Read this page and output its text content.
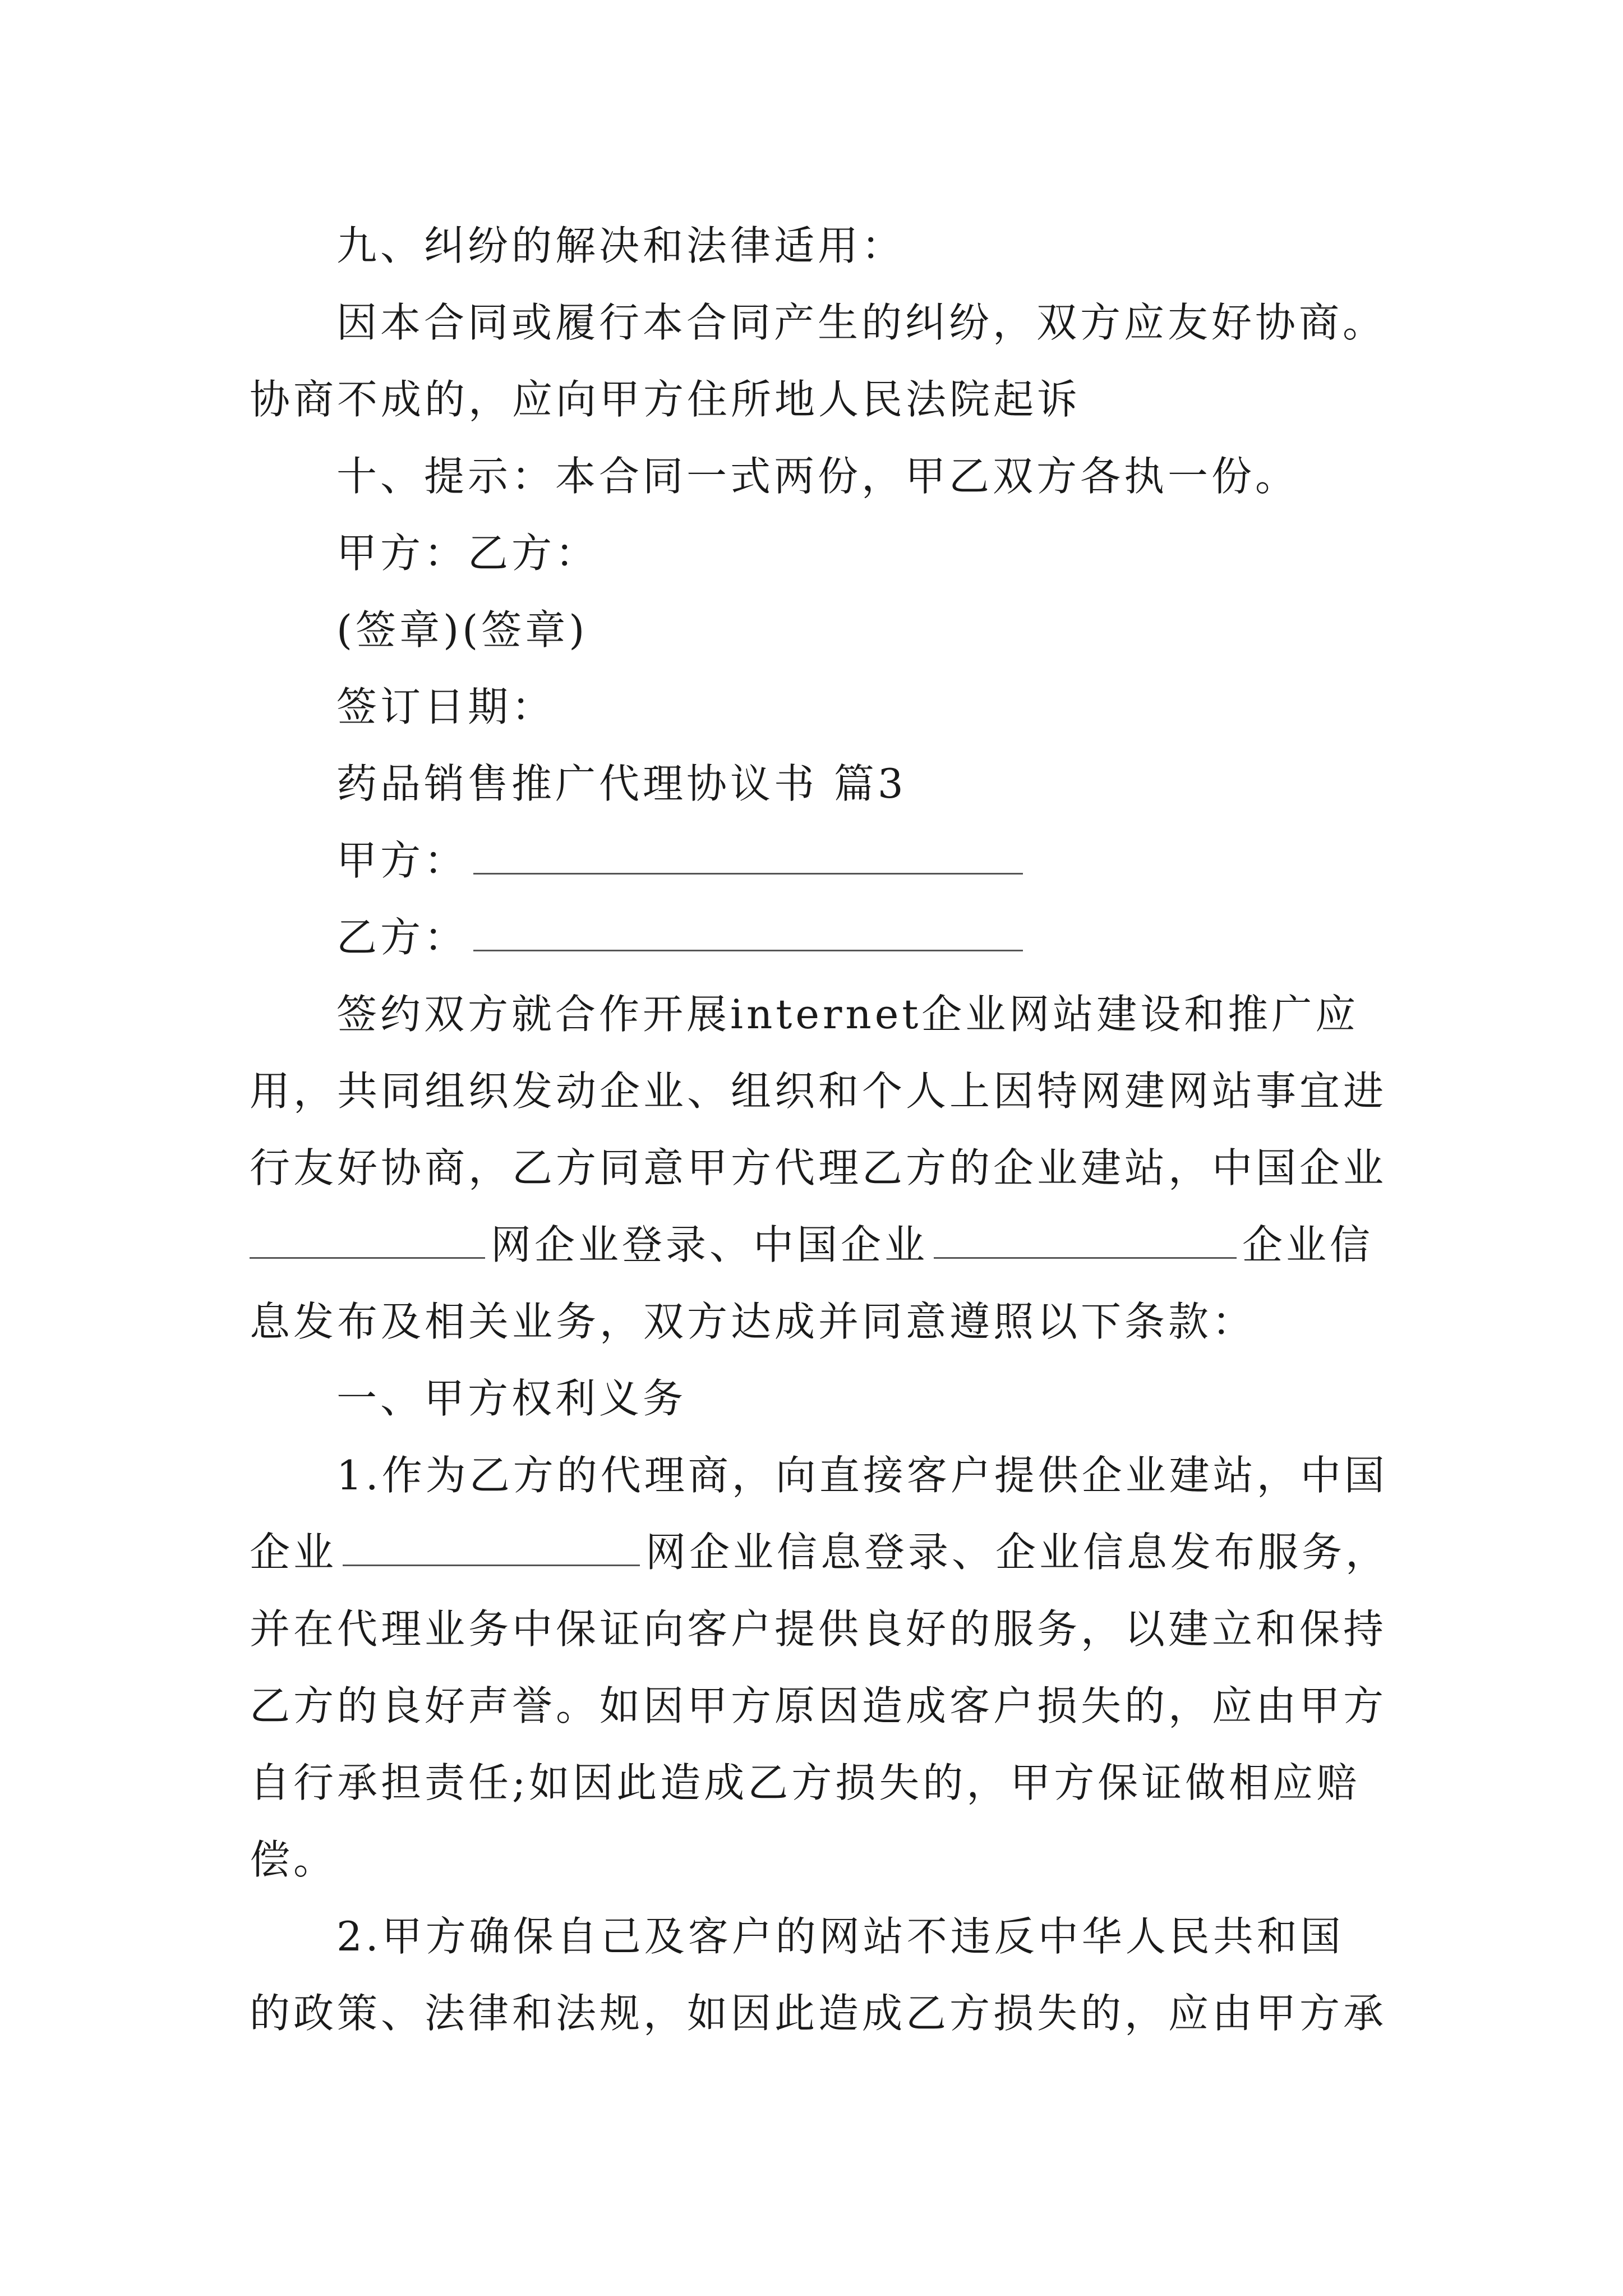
九、纠纷的解决和法律适用：
因本合同或履行本合同产生的纠纷，双方应友好协商。
协商不成的，应向甲方住所地人民法院起诉
十、提示：本合同一式两份，甲乙双方各执一份。
甲方：乙方：
(签章)(签章)
签订日期：
药品销售推广代理协议书 篇3
甲方：
乙方：
签约双方就合作开展internet企业网站建设和推广应
用，共同组织发动企业、组织和个人上因特网建网站事宜进
行友好协商，乙方同意甲方代理乙方的企业建站，中国企业
网企业登录、中国企业	企业信
息发布及相关业务，双方达成并同意遵照以下条款：
一、甲方权利义务
1.作为乙方的代理商，向直接客户提供企业建站，中国
企业	网企业信息登录、企业信息发布服务，
并在代理业务中保证向客户提供良好的服务，以建立和保持
乙方的良好声誉。如因甲方原因造成客户损失的，应由甲方
自行承担责任;如因此造成乙方损失的，甲方保证做相应赔
偿。
2.甲方确保自己及客户的网站不违反中华人民共和国
的政策、法律和法规，如因此造成乙方损失的，应由甲方承
